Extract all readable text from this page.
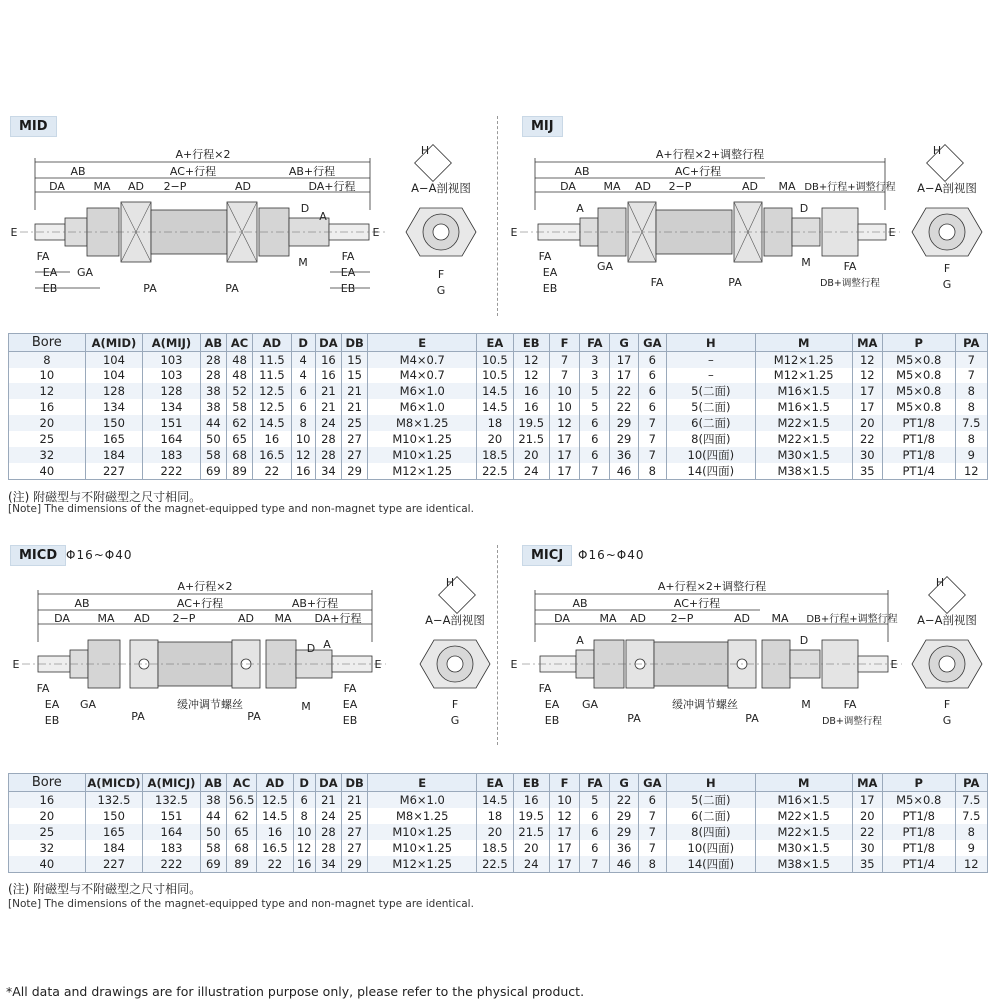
MID	MIJ
MICD Φ16~Φ40	MICJ	Φ16~Φ40
A+行程×2
AC+行程
AB	AB+行程
DA	MA AD 2−P	AD	DA+行程
D
A
M
E	E
FA
EA GA
EB	PA	PA
FA
EA
EB
H
A−A剖视图
F
G
A+行程×2+调整行程
AC+行程
AB
DA	MA AD 2−P	AD MA DB+行程+调整行程
A	D
M
E	E
FA
EA	GA
EB	FA	PA
FA
DB+调整行程
H
A−A剖视图
F
G
Bore	A(MID)	A(MIJ)	AB	AC	AD	D	DA	DB	E	EA	EB	F	FA	G	GA	H	M	MA	P	PA
8	104	103	28	48	11.5	4	16	15	M4×0.7	10.5	12	7	3	17	6	–	M12×1.25	12	M5×0.8	7
10	104	103	28	48	11.5	4	16	15	M4×0.7	10.5	12	7	3	17	6	–	M12×1.25	12	M5×0.8	7
12	128	128	38	52	12.5	6	21	21	M6×1.0	14.5	16	10	5	22	6	5(二面)	M16×1.5	17	M5×0.8	8
16	134	134	38	58	12.5	6	21	21	M6×1.0	14.5	16	10	5	22	6	5(二面)	M16×1.5	17	M5×0.8	8
20	150	151	44	62	14.5	8	24	25	M8×1.25	18	19.5	12	6	29	7	6(二面)	M22×1.5	20	PT1/8	7.5
25	165	164	50	65	16	10	28	27	M10×1.25	20	21.5	17	6	29	7	8(四面)	M22×1.5	22	PT1/8	8
32	184	183	58	68	16.5	12	28	27	M10×1.25	18.5	20	17	6	36	7	10(四面)	M30×1.5	30	PT1/8	9
40	227	222	69	89	22	16	34	29	M12×1.25	22.5	24	17	7	46	8	14(四面)	M38×1.5	35	PT1/4	12
(注) 附磁型与不附磁型之尺寸相同。
[Note] The dimensions of the magnet-equipped type and non-magnet type are identical.
A+行程×2
AC+行程
AB	AB+行程
DA	MA AD 2−P	AD MA DA+行程
A
D
M
E	E
FA
EA GA
EB	PA	PA
缓冲调节螺丝
FA
EA
EB
H
A−A剖视图
F
G
A+行程×2+调整行程
AC+行程
AB
DA	MA AD 2−P	AD MA DB+行程+调整行程
A	D
M
E	E
FA
EA GA
EB	PA	PA
缓冲调节螺丝	FA
DB+调整行程
H
A−A剖视图
F
G
Bore	A(MICD)	A(MICJ)	AB	AC	AD	D	DA	DB	E	EA	EB	F	FA	G	GA	H	M	MA	P	PA
16	132.5	132.5	38	56.5	12.5	6	21	21	M6×1.0	14.5	16	10	5	22	6	5(二面)	M16×1.5	17	M5×0.8	7.5
20	150	151	44	62	14.5	8	24	25	M8×1.25	18	19.5	12	6	29	7	6(二面)	M22×1.5	20	PT1/8	7.5
25	165	164	50	65	16	10	28	27	M10×1.25	20	21.5	17	6	29	7	8(四面)	M22×1.5	22	PT1/8	8
32	184	183	58	68	16.5	12	28	27	M10×1.25	18.5	20	17	6	36	7	10(四面)	M30×1.5	30	PT1/8	9
40	227	222	69	89	22	16	34	29	M12×1.25	22.5	24	17	7	46	8	14(四面)	M38×1.5	35	PT1/4	12
(注) 附磁型与不附磁型之尺寸相同。
[Note] The dimensions of the magnet-equipped type and non-magnet type are identical.
*All data and drawings are for illustration purpose only, please refer to the physical product.
